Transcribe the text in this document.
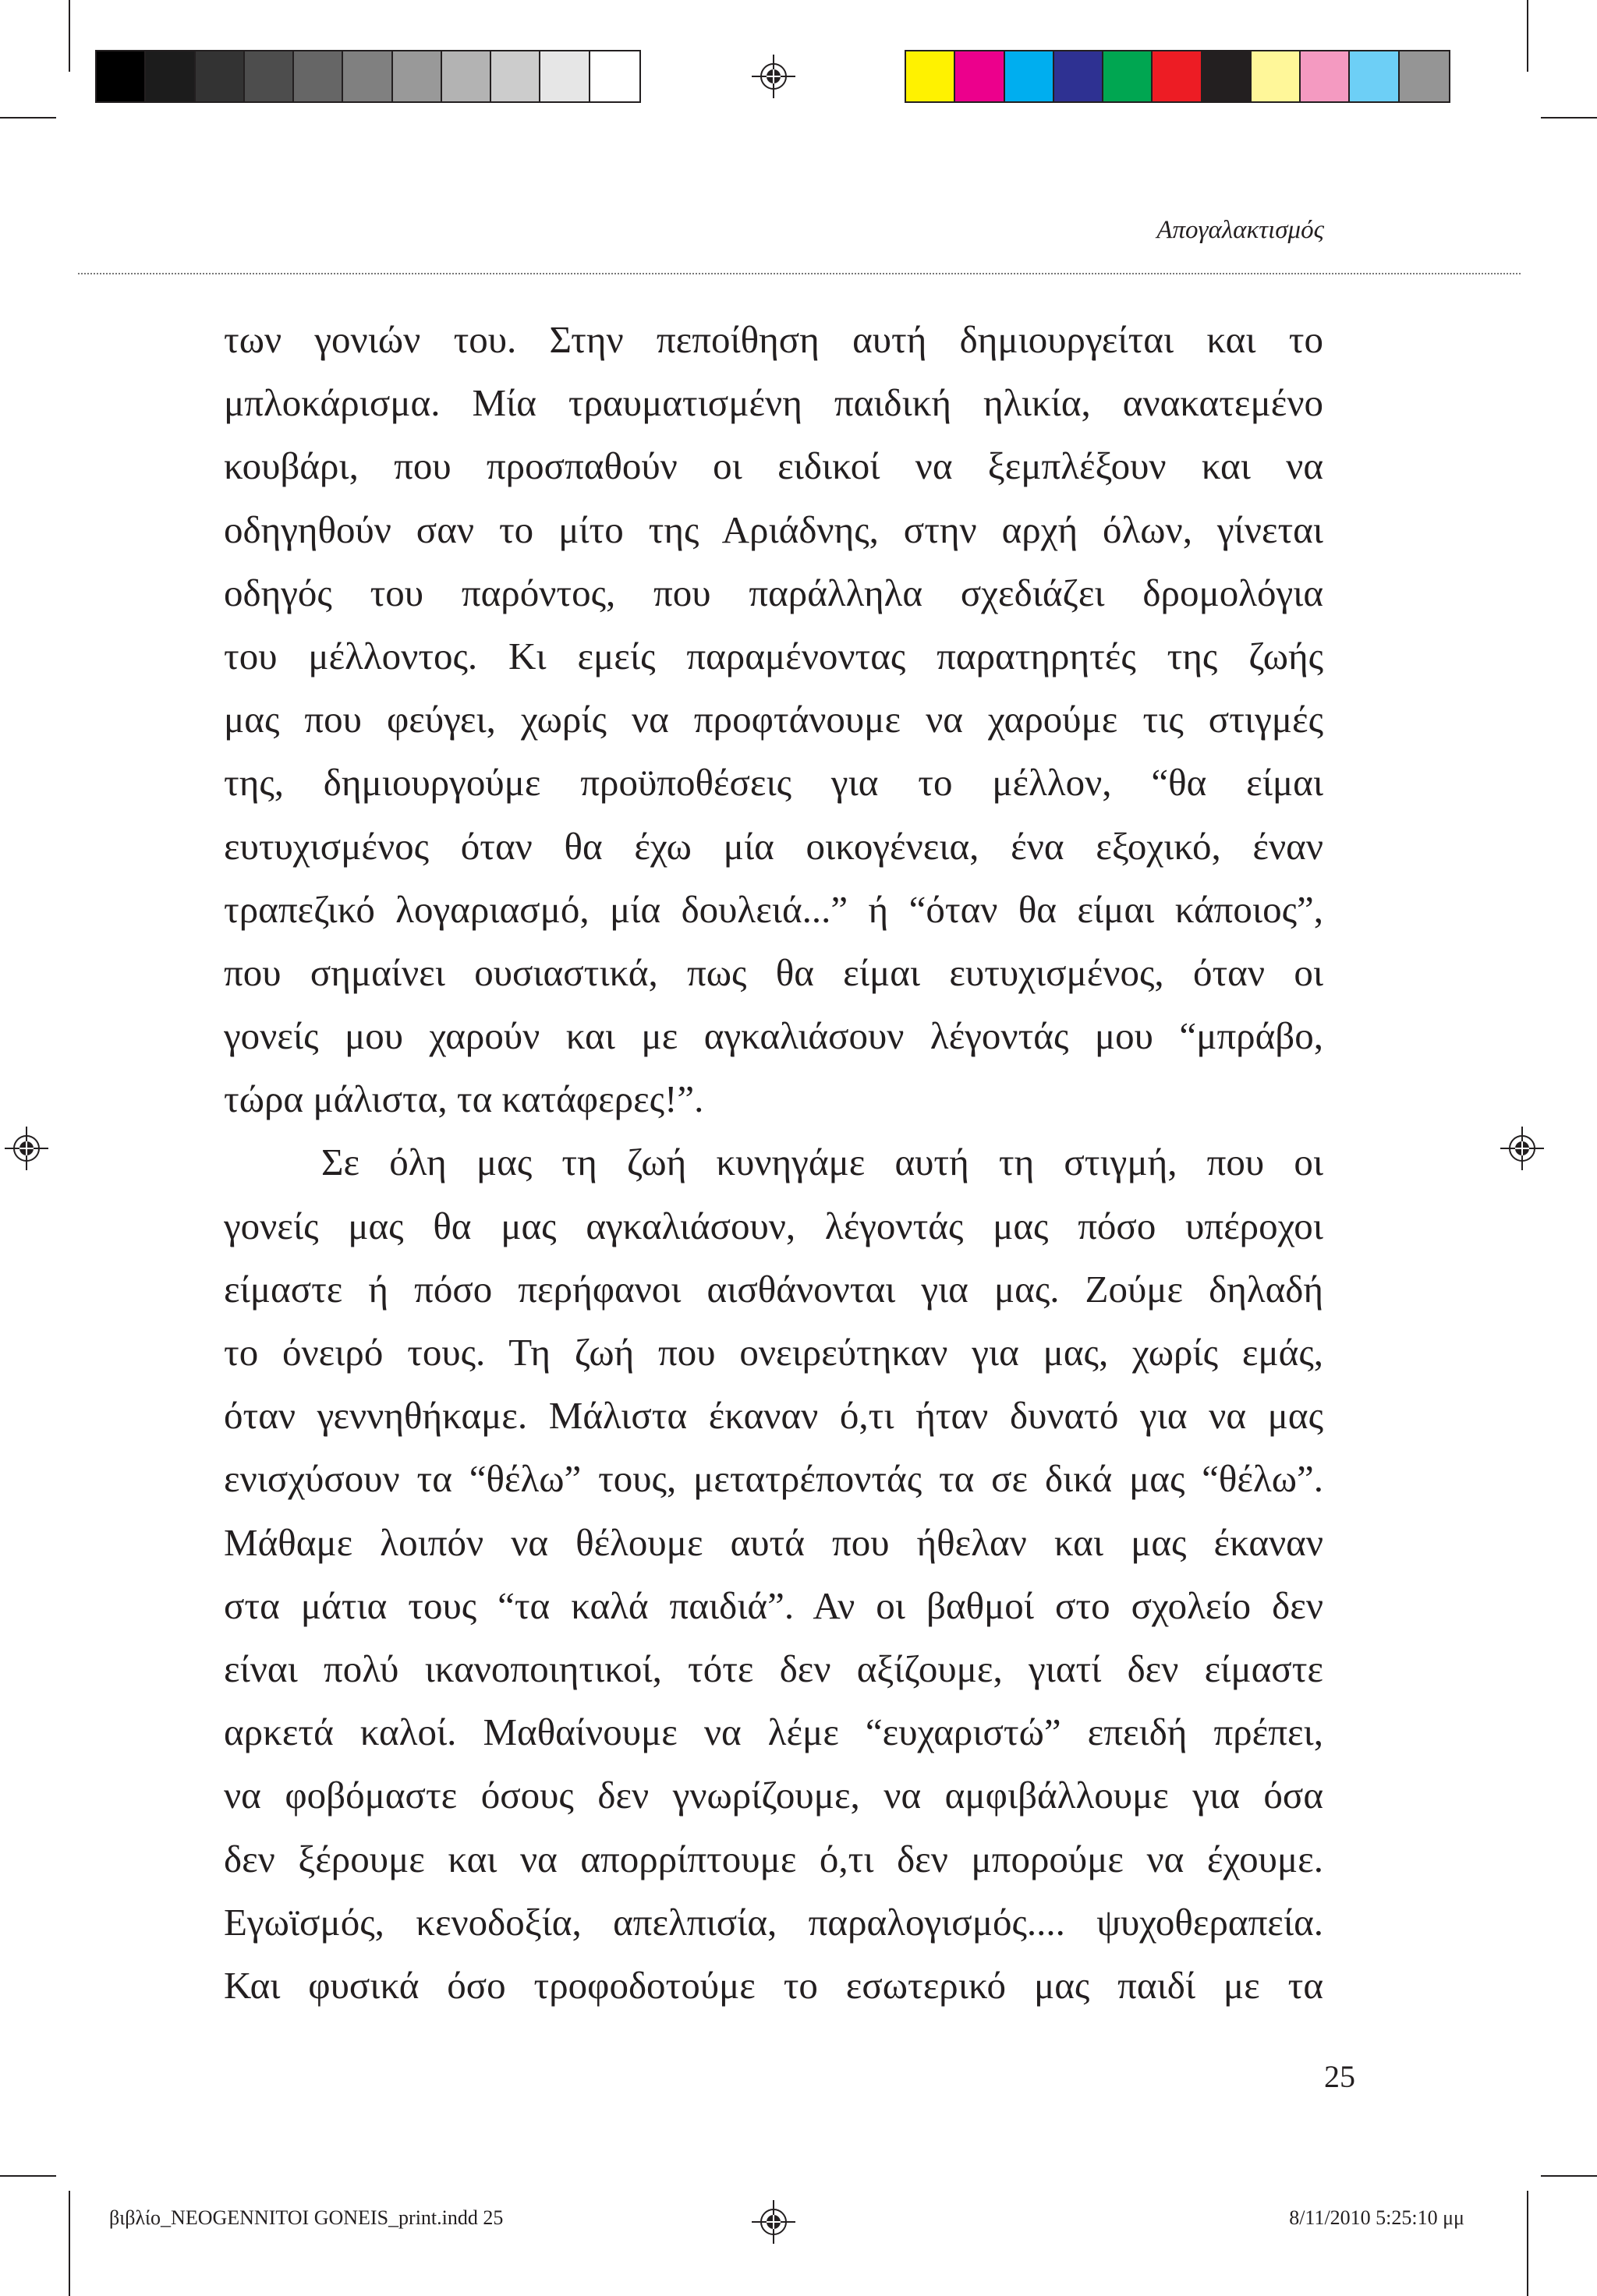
Απογαλακτισμός
των γονιών του. Στην πεποίθηση αυτή δημιουργείται και το
μπλοκάρισμα. Μία τραυματισμένη παιδική ηλικία, ανακατεμένο
κουβάρι, που προσπαθούν οι ειδικοί να ξεμπλέξουν και να
οδηγηθούν σαν το μίτο της Αριάδνης, στην αρχή όλων, γίνεται
οδηγός του παρόντος, που παράλληλα σχεδιάζει δρομολόγια
του μέλλοντος. Κι εμείς παραμένοντας παρατηρητές της ζωής
μας που φεύγει, χωρίς να προφτάνουμε να χαρούμε τις στιγμές
της, δημιουργούμε προϋποθέσεις για το μέλλον, “θα είμαι
ευτυχισμένος όταν θα έχω μία οικογένεια, ένα εξοχικό, έναν
τραπεζικό λογαριασμό, μία δουλειά...” ή “όταν θα είμαι κάποιος”,
που σημαίνει ουσιαστικά, πως θα είμαι ευτυχισμένος, όταν οι
γονείς μου χαρούν και με αγκαλιάσουν λέγοντάς μου “μπράβο,
τώρα μάλιστα, τα κατάφερες!”.
Σε όλη μας τη ζωή κυνηγάμε αυτή τη στιγμή, που οι
γονείς μας θα μας αγκαλιάσουν, λέγοντάς μας πόσο υπέροχοι
είμαστε ή πόσο περήφανοι αισθάνονται για μας. Ζούμε δηλαδή
το όνειρό τους. Τη ζωή που ονειρεύτηκαν για μας, χωρίς εμάς,
όταν γεννηθήκαμε. Μάλιστα έκαναν ό,τι ήταν δυνατό για να μας
ενισχύσουν τα “θέλω” τους, μετατρέποντάς τα σε δικά μας “θέλω”.
Μάθαμε λοιπόν να θέλουμε αυτά που ήθελαν και μας έκαναν
στα μάτια τους “τα καλά παιδιά”. Αν οι βαθμοί στο σχολείο δεν
είναι πολύ ικανοποιητικοί, τότε δεν αξίζουμε, γιατί δεν είμαστε
αρκετά καλοί. Μαθαίνουμε να λέμε “ευχαριστώ” επειδή πρέπει,
να φοβόμαστε όσους δεν γνωρίζουμε, να αμφιβάλλουμε για όσα
δεν ξέρουμε και να απορρίπτουμε ό,τι δεν μπορούμε να έχουμε.
Εγωϊσμός, κενοδοξία, απελπισία, παραλογισμός.... ψυχοθεραπεία.
Και φυσικά όσο τροφοδοτούμε το εσωτερικό μας παιδί με τα
25
βιβλίο_NEOGENNITOI GONEIS_print.indd 25	8/11/2010 5:25:10 μμ
